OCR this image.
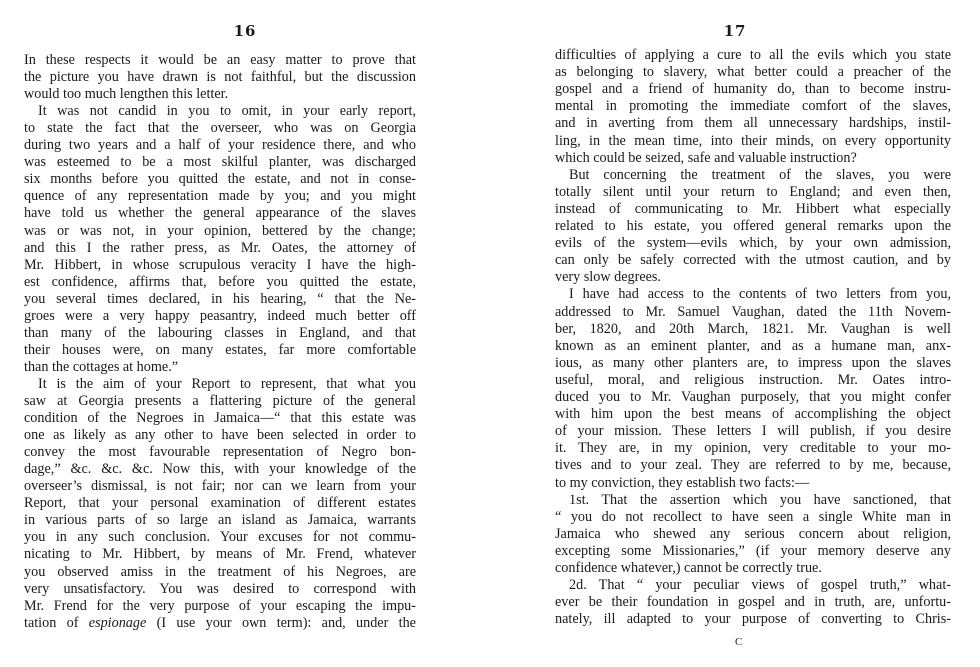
16	17
In these respects it would be an easy matter to prove that
the picture you have drawn is not faithful, but the discussion
would too much lengthen this letter.
It was not candid in you to omit, in your early report,
to state the fact that the overseer, who was on Georgia
during two years and a half of your residence there, and who
was esteemed to be a most skilful planter, was discharged
six months before you quitted the estate, and not in conse-
quence of any representation made by you; and you might
have told us whether the general appearance of the slaves
was or was not, in your opinion, bettered by the change;
and this I the rather press, as Mr. Oates, the attorney of
Mr. Hibbert, in whose scrupulous veracity I have the high-
est confidence, affirms that, before you quitted the estate,
you several times declared, in his hearing, “ that the Ne-
groes were a very happy peasantry, indeed much better off
than many of the labouring classes in England, and that
their houses were, on many estates, far more comfortable
than the cottages at home.”
It is the aim of your Report to represent, that what you
saw at Georgia presents a flattering picture of the general
condition of the Negroes in Jamaica—“ that this estate was
one as likely as any other to have been selected in order to
convey the most favourable representation of Negro bon-
dage,” &c. &c. &c. Now this, with your knowledge of the
overseer’s dismissal, is not fair; nor can we learn from your
Report, that your personal examination of different estates
in various parts of so large an island as Jamaica, warrants
you in any such conclusion. Your excuses for not commu-
nicating to Mr. Hibbert, by means of Mr. Frend, whatever
you observed amiss in the treatment of his Negroes, are
very unsatisfactory. You was desired to correspond with
Mr. Frend for the very purpose of your escaping the impu-
tation of espionage (I use your own term): and, under the
difficulties of applying a cure to all the evils which you state
as belonging to slavery, what better could a preacher of the
gospel and a friend of humanity do, than to become instru-
mental in promoting the immediate comfort of the slaves,
and in averting from them all unnecessary hardships, instil-
ling, in the mean time, into their minds, on every opportunity
which could be seized, safe and valuable instruction?
But concerning the treatment of the slaves, you were
totally silent until your return to England; and even then,
instead of communicating to Mr. Hibbert what especially
related to his estate, you offered general remarks upon the
evils of the system—evils which, by your own admission,
can only be safely corrected with the utmost caution, and by
very slow degrees.
I have had access to the contents of two letters from you,
addressed to Mr. Samuel Vaughan, dated the 11th Novem-
ber, 1820, and 20th March, 1821. Mr. Vaughan is well
known as an eminent planter, and as a humane man, anx-
ious, as many other planters are, to impress upon the slaves
useful, moral, and religious instruction. Mr. Oates intro-
duced you to Mr. Vaughan purposely, that you might confer
with him upon the best means of accomplishing the object
of your mission. These letters I will publish, if you desire
it. They are, in my opinion, very creditable to your mo-
tives and to your zeal. They are referred to by me, because,
to my conviction, they establish two facts:—
1st. That the assertion which you have sanctioned, that
“ you do not recollect to have seen a single White man in
Jamaica who shewed any serious concern about religion,
excepting some Missionaries,” (if your memory deserve any
confidence whatever,) cannot be correctly true.
2d. That “ your peculiar views of gospel truth,” what-
ever be their foundation in gospel and in truth, are, unfortu-
nately, ill adapted to your purpose of converting to Chris-
C
